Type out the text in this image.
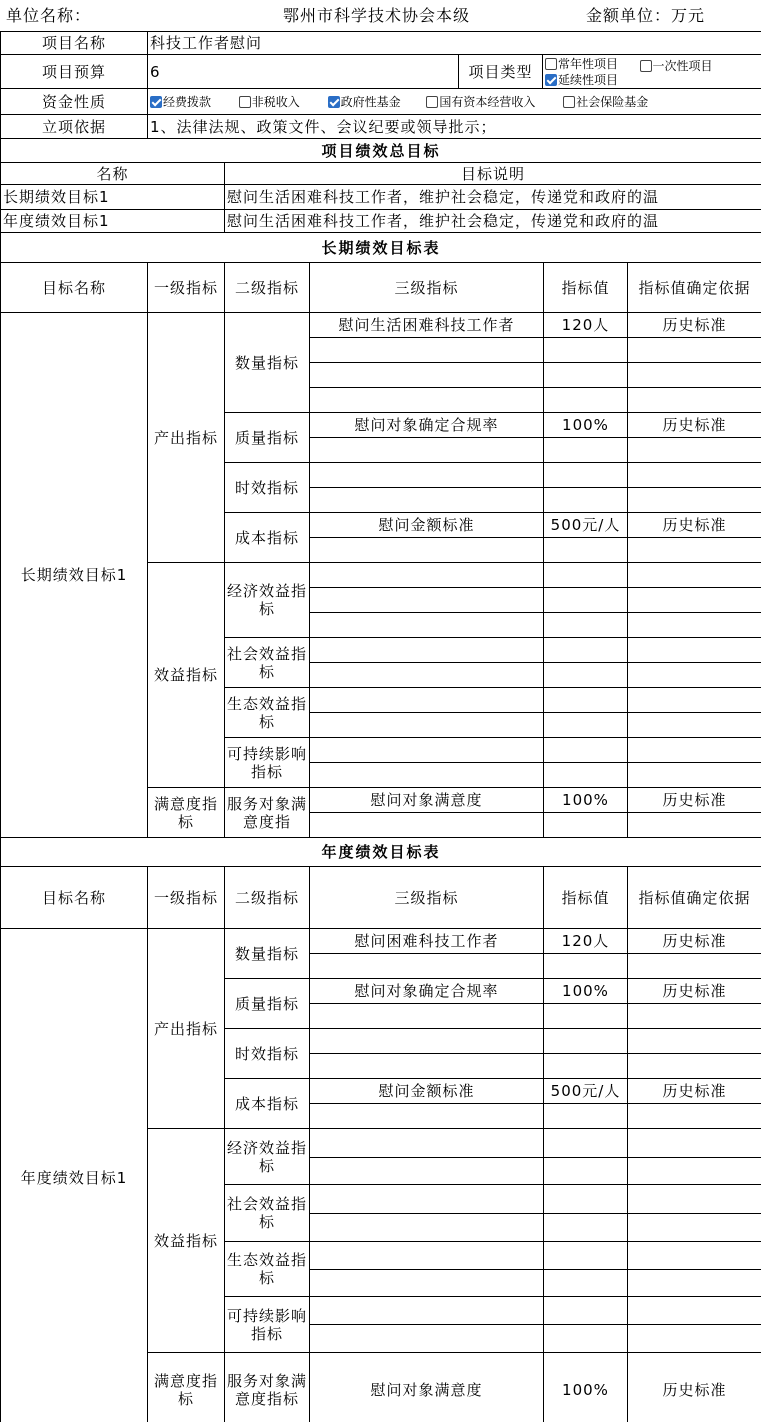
单位名称：	鄂州市科学技术协会本级	金额单位：万元
项目名称	科技工作者慰问			
项目预算	6	项目类型	常年性项目
延续性项目	一次性项目

资金性质	经费拨款 非税收入 政府性基金 国有资本经营收入 社会保险基金			
立项依据	1、法律法规、政策文件、会议纪要或领导批示；			
项目绩效总目标	
名称	目标说明
长期绩效目标1	慰问生活困难科技工作者，维护社会稳定，传递党和政府的温
年度绩效目标1	慰问生活困难科技工作者，维护社会稳定，传递党和政府的温
长期绩效目标表					
目标名称	一级指标	二级指标	三级指标	指标值	指标值确定依据
长期绩效目标1	产出指标	数量指标	慰问生活困难科技工作者	120人	历史标准

		质量指标	慰问对象确定合规率	100%	历史标准

		时效指标			

		成本指标	慰问金额标准	500元/人	历史标准

	效益指标	经济效益指标			

		社会效益指标			

		生态效益指标			

		可持续影响指标			

	满意度指标	服务对象满意度指	慰问对象满意度	100%	历史标准

年度绩效目标表					
目标名称	一级指标	二级指标	三级指标	指标值	指标值确定依据
年度绩效目标1	产出指标	数量指标	慰问困难科技工作者	120人	历史标准

		质量指标	慰问对象确定合规率	100%	历史标准

		时效指标			

		成本指标	慰问金额标准	500元/人	历史标准

	效益指标	经济效益指标			

		社会效益指标			

		生态效益指标			

		可持续影响指标			

	满意度指标	服务对象满意度指标	慰问对象满意度	100%	历史标准
